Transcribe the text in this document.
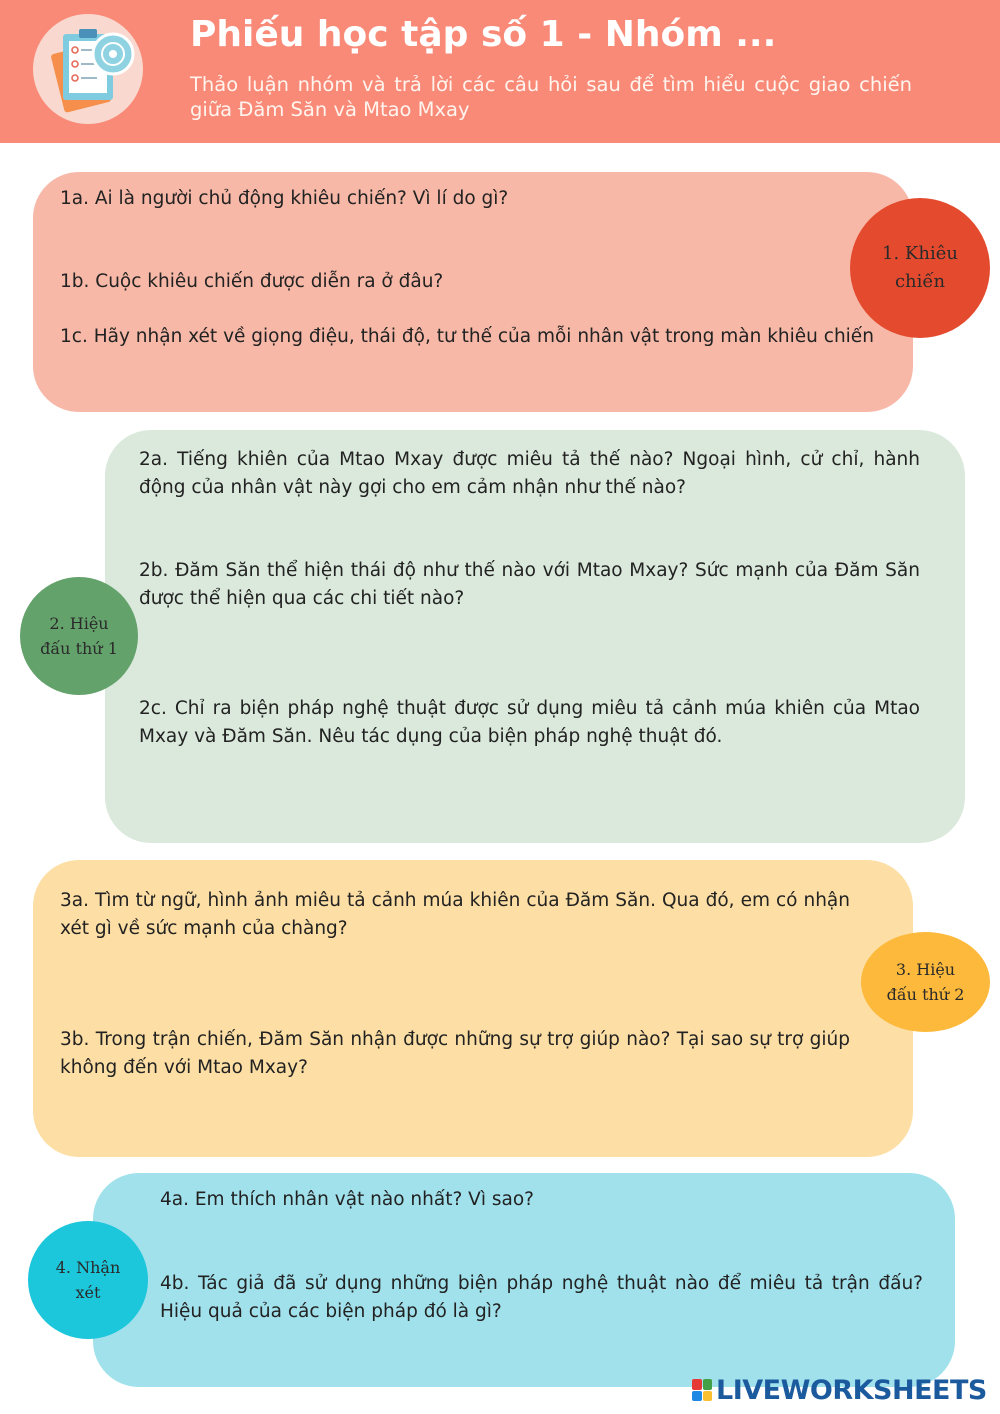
Phiếu học tập số 1 - Nhóm ...
Thảo luận nhóm và trả lời các câu hỏi sau để tìm hiểu cuộc giao chiến giữa Đăm Săn và Mtao Mxay
1a. Ai là người chủ động khiêu chiến? Vì lí do gì?
1b. Cuộc khiêu chiến được diễn ra ở đâu?
1c. Hãy nhận xét về giọng điệu, thái độ, tư thế của mỗi nhân vật trong màn khiêu chiến
1. Khiêu
chiến
2a. Tiếng khiên của Mtao Mxay được miêu tả thế nào? Ngoại hình, cử chỉ, hành động của nhân vật này gợi cho em cảm nhận như thế nào?
2b. Đăm Săn thể hiện thái độ như thế nào với Mtao Mxay? Sức mạnh của Đăm Săn được thể hiện qua các chi tiết nào?
2c. Chỉ ra biện pháp nghệ thuật được sử dụng miêu tả cảnh múa khiên của Mtao Mxay và Đăm Săn. Nêu tác dụng của biện pháp nghệ thuật đó.
2. Hiệu
đấu thứ 1
3a. Tìm từ ngữ, hình ảnh miêu tả cảnh múa khiên của Đăm Săn. Qua đó, em có nhận xét gì về sức mạnh của chàng?
3b. Trong trận chiến, Đăm Săn nhận được những sự trợ giúp nào? Tại sao sự trợ giúp không đến với Mtao Mxay?
3. Hiệu
đấu thứ 2
4a. Em thích nhân vật nào nhất? Vì sao?
4b. Tác giả đã sử dụng những biện pháp nghệ thuật nào để miêu tả trận đấu? Hiệu quả của các biện pháp đó là gì?
4. Nhận
xét
LIVEWORKSHEETS
